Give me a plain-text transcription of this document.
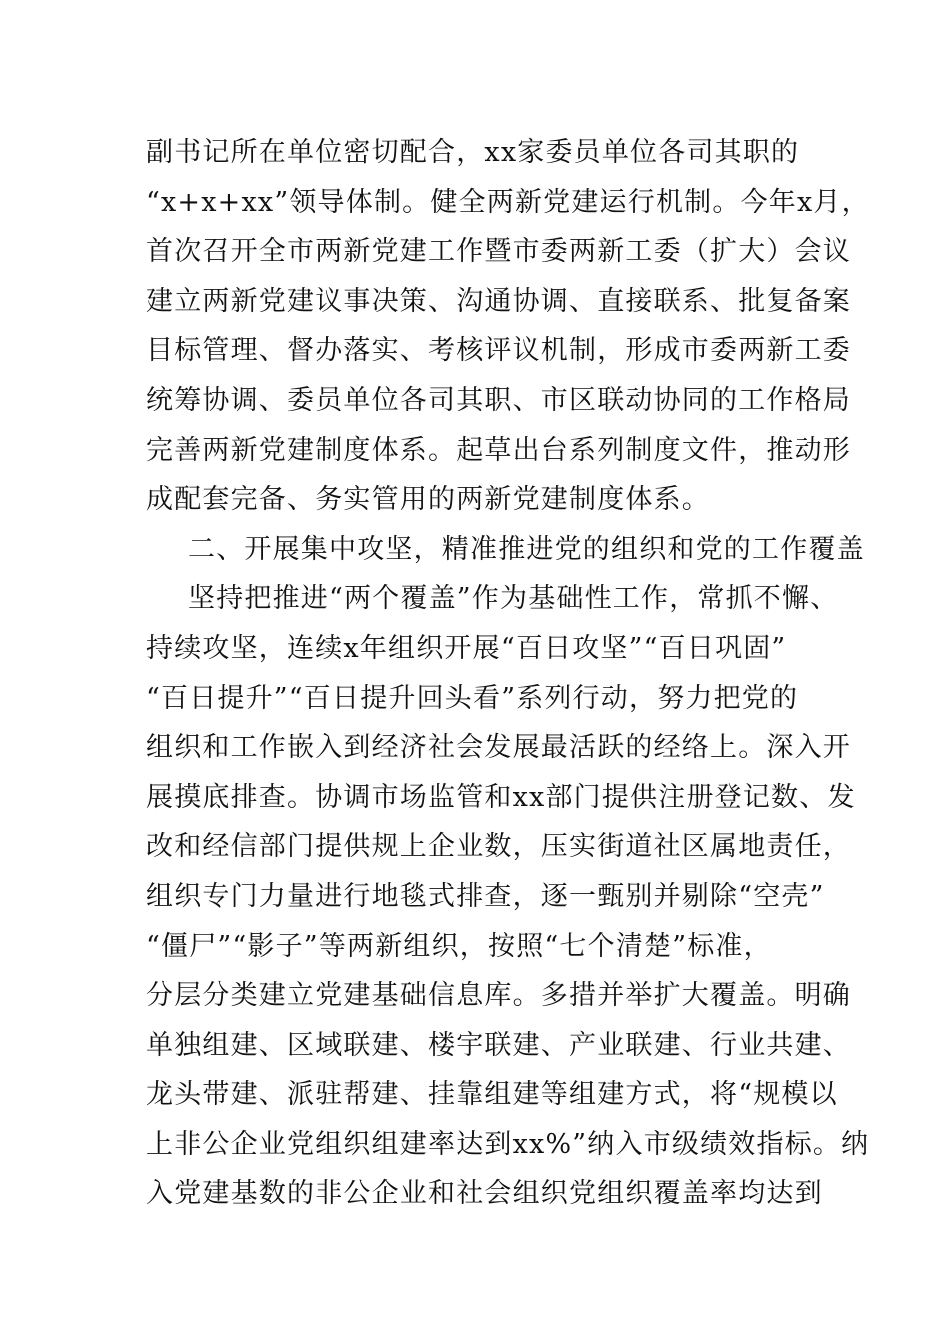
副书记所在单位密切配合，xx家委员单位各司其职的
“x+x+xx”领导体制。健全两新党建运行机制。今年x月，
首次召开全市两新党建工作暨市委两新工委（扩大）会议
建立两新党建议事决策、沟通协调、直接联系、批复备案
目标管理、督办落实、考核评议机制，形成市委两新工委
统筹协调、委员单位各司其职、市区联动协同的工作格局
完善两新党建制度体系。起草出台系列制度文件，推动形
成配套完备、务实管用的两新党建制度体系。
二、开展集中攻坚，精准推进党的组织和党的工作覆盖
坚持把推进“两个覆盖”作为基础性工作，常抓不懈、
持续攻坚，连续x年组织开展“百日攻坚”“百日巩固”
“百日提升”“百日提升回头看”系列行动，努力把党的
组织和工作嵌入到经济社会发展最活跃的经络上。深入开
展摸底排查。协调市场监管和xx部门提供注册登记数、发
改和经信部门提供规上企业数，压实街道社区属地责任，
组织专门力量进行地毯式排查，逐一甄别并剔除“空壳”
“僵尸”“影子”等两新组织，按照“七个清楚”标准，
分层分类建立党建基础信息库。多措并举扩大覆盖。明确
单独组建、区域联建、楼宇联建、产业联建、行业共建、
龙头带建、派驻帮建、挂靠组建等组建方式，将“规模以
上非公企业党组织组建率达到xx%”纳入市级绩效指标。纳
入党建基数的非公企业和社会组织党组织覆盖率均达到
